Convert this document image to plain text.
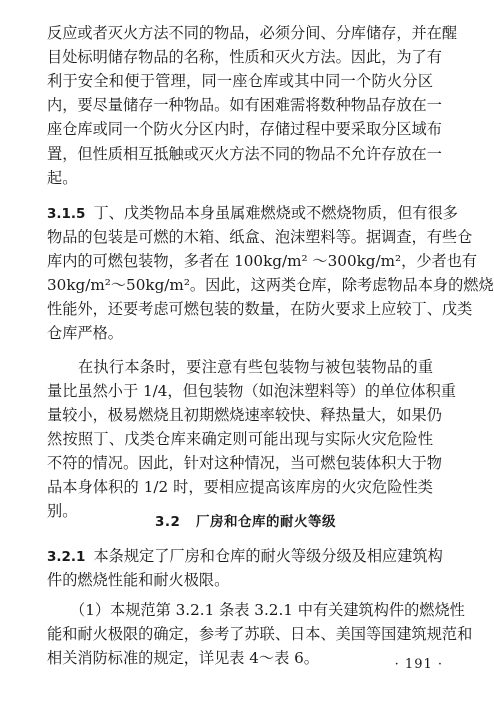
反应或者灭火方法不同的物品，必须分间、分库储存，并在醒
目处标明储存物品的名称，性质和灭火方法。因此，为了有
利于安全和便于管理，同一座仓库或其中同一个防火分区
内，要尽量储存一种物品。如有困难需将数种物品存放在一
座仓库或同一个防火分区内时，存储过程中要采取分区域布
置，但性质相互抵触或灭火方法不同的物品不允许存放在一
起。
3.1.5 丁、戊类物品本身虽属难燃烧或不燃烧物质，但有很多
物品的包装是可燃的木箱、纸盒、泡沫塑料等。据调查，有些仓
库内的可燃包装物，多者在 100kg/m² ～300kg/m²，少者也有
30kg/m²～50kg/m²。因此，这两类仓库，除考虑物品本身的燃烧
性能外，还要考虑可燃包装的数量，在防火要求上应较丁、戊类
仓库严格。
在执行本条时，要注意有些包装物与被包装物品的重
量比虽然小于 1/4，但包装物（如泡沫塑料等）的单位体积重
量较小，极易燃烧且初期燃烧速率较快、释热量大，如果仍
然按照丁、戊类仓库来确定则可能出现与实际火灾危险性
不符的情况。因此，针对这种情况，当可燃包装体积大于物
品本身体积的 1/2 时，要相应提高该库房的火灾危险性类
别。
3.2 厂房和仓库的耐火等级
3.2.1 本条规定了厂房和仓库的耐火等级分级及相应建筑构
件的燃烧性能和耐火极限。
（1）本规范第 3.2.1 条表 3.2.1 中有关建筑构件的燃烧性
能和耐火极限的确定，参考了苏联、日本、美国等国建筑规范和
相关消防标准的规定，详见表 4～表 6。	· 191 ·
